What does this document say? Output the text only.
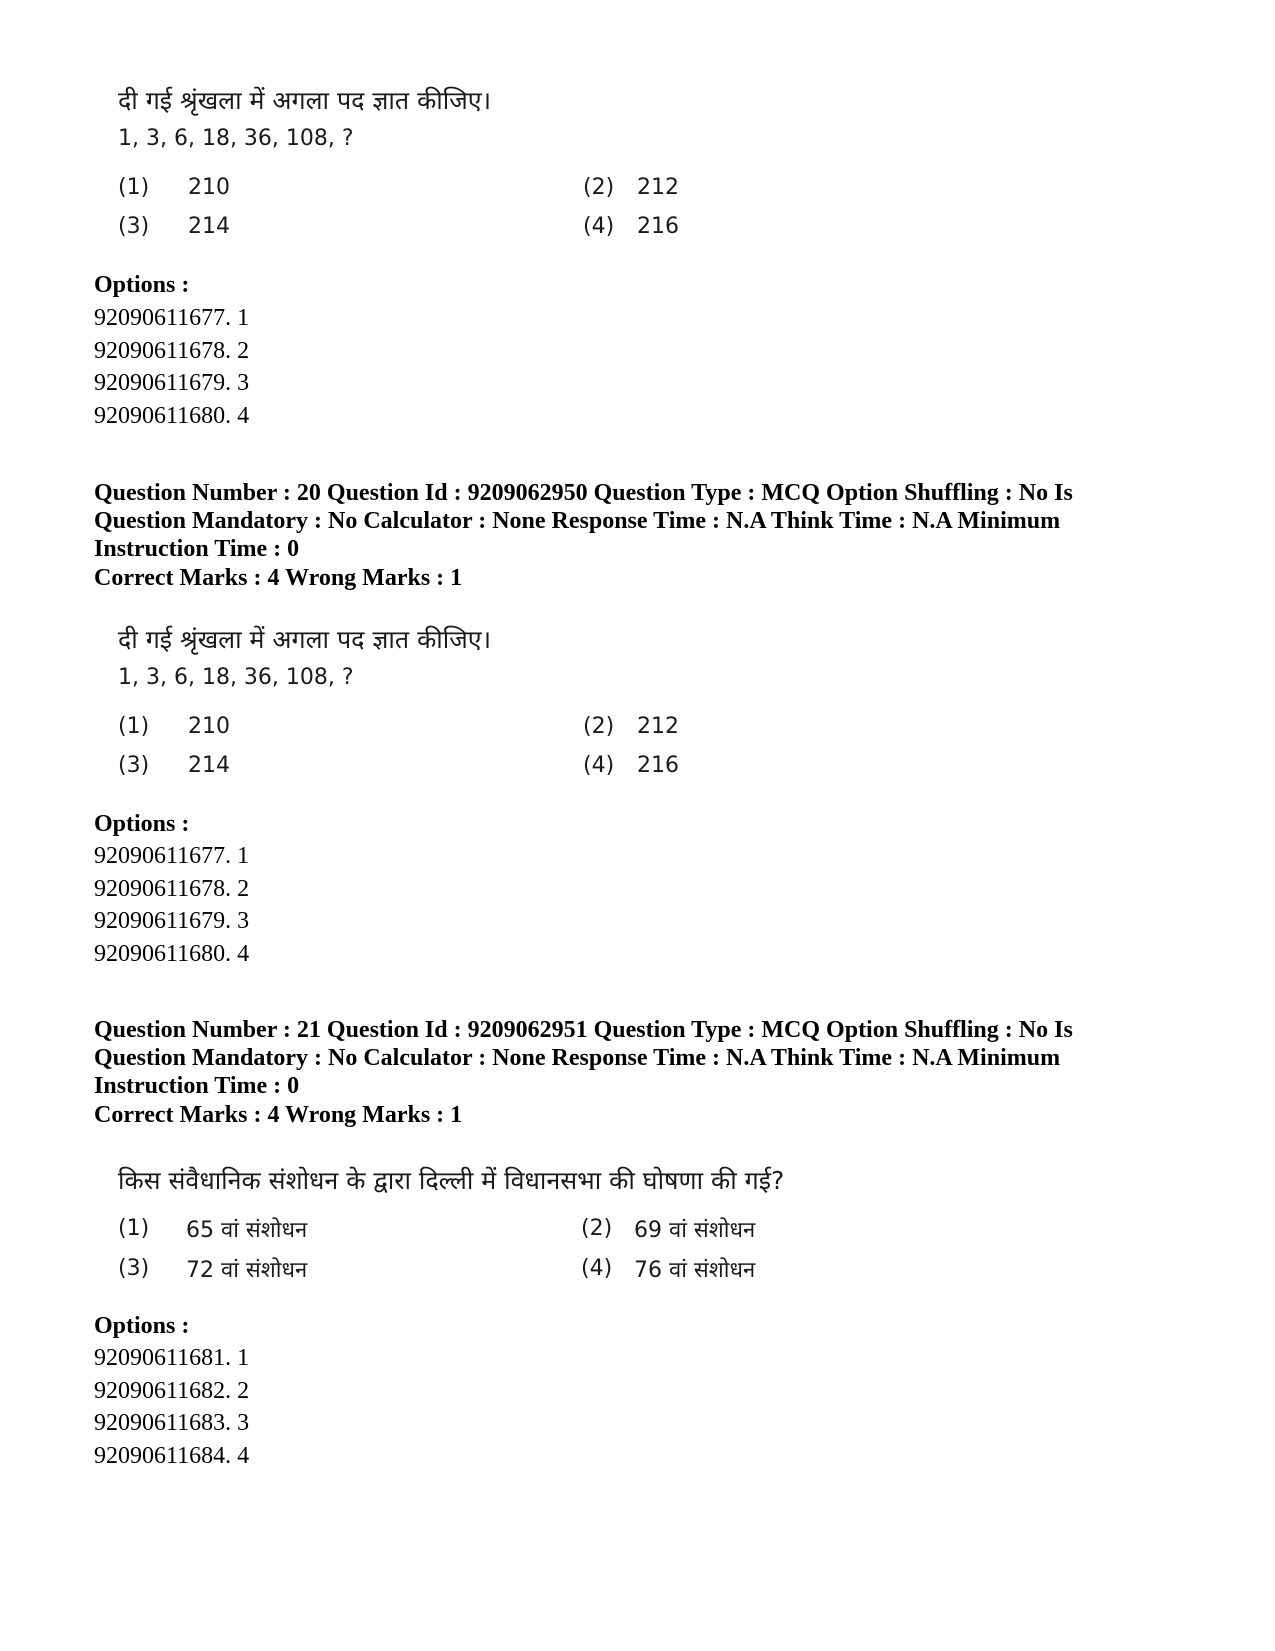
दी गई श्रृंखला में अगला पद ज्ञात कीजिए।
1, 3, 6, 18, 36, 108, ?
(1) 210	(2) 212
(3) 214	(4) 216
Options :
92090611677. 1
92090611678. 2
92090611679. 3
92090611680. 4
Question Number : 20 Question Id : 9209062950 Question Type : MCQ Option Shuffling : No Is
Question Mandatory : No Calculator : None Response Time : N.A Think Time : N.A Minimum
Instruction Time : 0
Correct Marks : 4 Wrong Marks : 1
दी गई श्रृंखला में अगला पद ज्ञात कीजिए।
1, 3, 6, 18, 36, 108, ?
(1) 210	(2) 212
(3) 214	(4) 216
Options :
92090611677. 1
92090611678. 2
92090611679. 3
92090611680. 4
Question Number : 21 Question Id : 9209062951 Question Type : MCQ Option Shuffling : No Is
Question Mandatory : No Calculator : None Response Time : N.A Think Time : N.A Minimum
Instruction Time : 0
Correct Marks : 4 Wrong Marks : 1
किस संवैधानिक संशोधन के द्वारा दिल्ली में विधानसभा की घोषणा की गई?
(1) 65 वां संशोधन	(2) 69 वां संशोधन
(3) 72 वां संशोधन	(4) 76 वां संशोधन
Options :
92090611681. 1
92090611682. 2
92090611683. 3
92090611684. 4
